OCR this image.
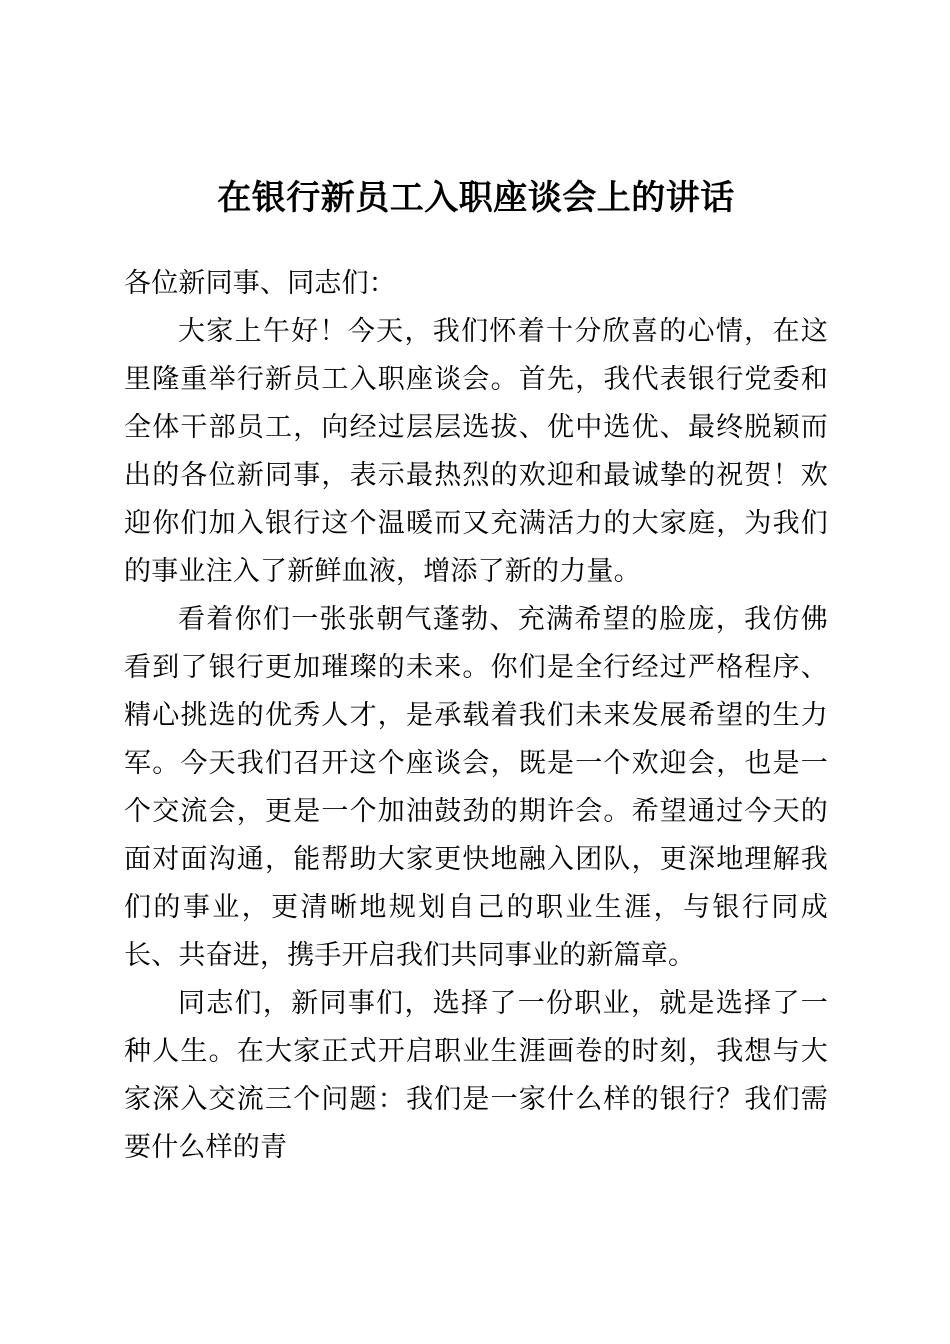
在银行新员工入职座谈会上的讲话

各位新同事、同志们：

大家上午好！今天，我们怀着十分欣喜的心情，在这里隆重举行新员工入职座谈会。首先，我代表银行党委和全体干部员工，向经过层层选拔、优中选优、最终脱颖而出的各位新同事，表示最热烈的欢迎和最诚挚的祝贺！欢迎你们加入银行这个温暖而又充满活力的大家庭，为我们的事业注入了新鲜血液，增添了新的力量。

看着你们一张张朝气蓬勃、充满希望的脸庞，我仿佛看到了银行更加璀璨的未来。你们是全行经过严格程序、精心挑选的优秀人才，是承载着我们未来发展希望的生力军。今天我们召开这个座谈会，既是一个欢迎会，也是一个交流会，更是一个加油鼓劲的期许会。希望通过今天的面对面沟通，能帮助大家更快地融入团队，更深地理解我们的事业，更清晰地规划自己的职业生涯，与银行同成长、共奋进，携手开启我们共同事业的新篇章。

同志们，新同事们，选择了一份职业，就是选择了一种人生。在大家正式开启职业生涯画卷的时刻，我想与大家深入交流三个问题：我们是一家什么样的银行？我们需要什么样的青
